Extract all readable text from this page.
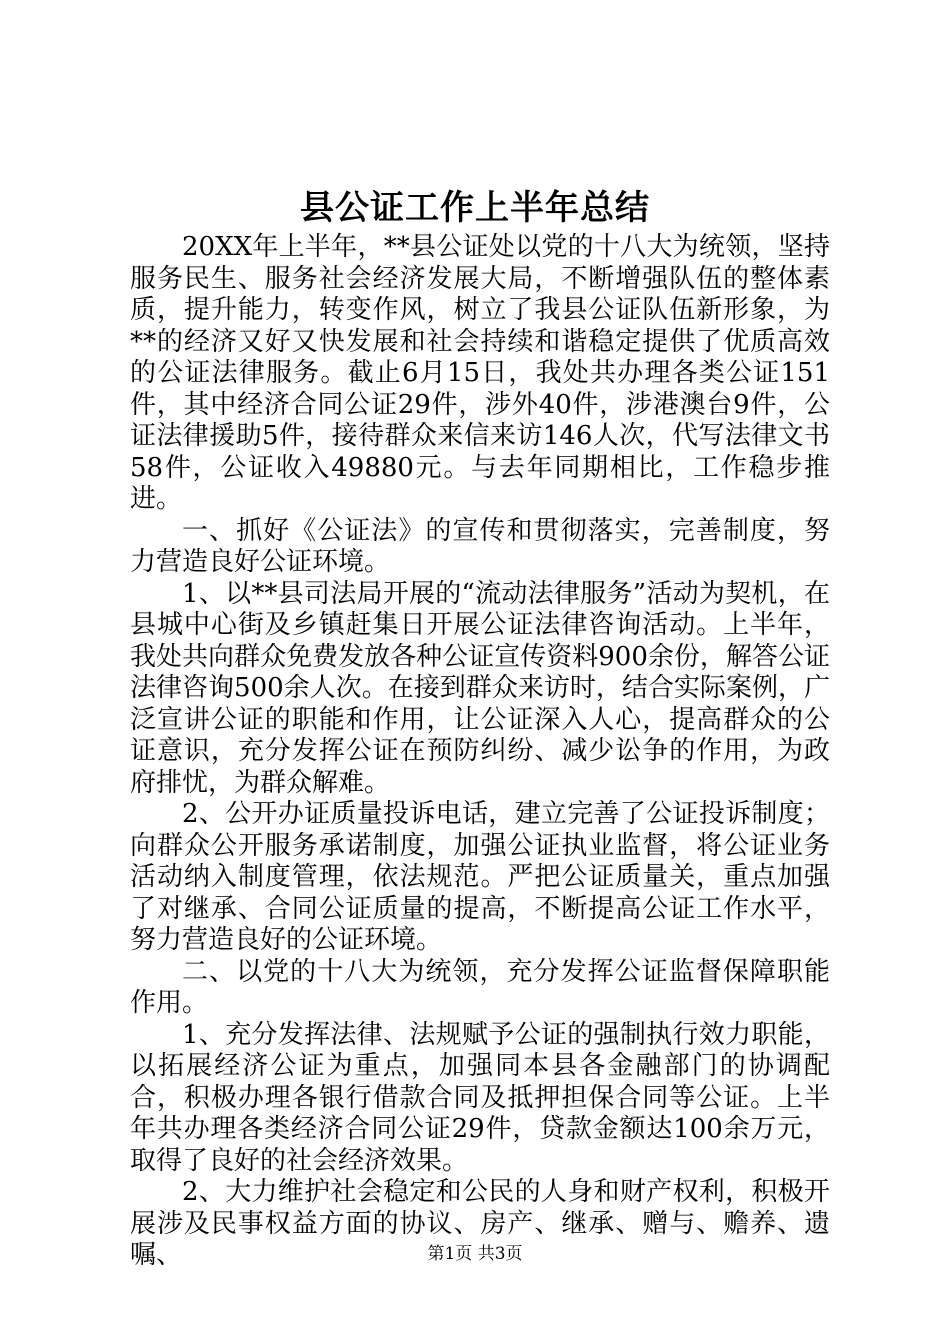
县公证工作上半年总结

20XX年上半年，**县公证处以党的十八大为统领，坚持服务民生、服务社会经济发展大局，不断增强队伍的整体素质，提升能力，转变作风，树立了我县公证队伍新形象，为**的经济又好又快发展和社会持续和谐稳定提供了优质高效的公证法律服务。截止6月15日，我处共办理各类公证151件，其中经济合同公证29件，涉外40件，涉港澳台9件，公证法律援助5件，接待群众来信来访146人次，代写法律文书58件，公证收入49880元。与去年同期相比，工作稳步推进。

一、抓好《公证法》的宣传和贯彻落实，完善制度，努力营造良好公证环境。

1、以**县司法局开展的“流动法律服务”活动为契机，在县城中心街及乡镇赶集日开展公证法律咨询活动。上半年，我处共向群众免费发放各种公证宣传资料900余份，解答公证法律咨询500余人次。在接到群众来访时，结合实际案例，广泛宣讲公证的职能和作用，让公证深入人心，提高群众的公证意识，充分发挥公证在预防纠纷、减少讼争的作用，为政府排忧，为群众解难。

2、公开办证质量投诉电话，建立完善了公证投诉制度；向群众公开服务承诺制度，加强公证执业监督，将公证业务活动纳入制度管理，依法规范。严把公证质量关，重点加强了对继承、合同公证质量的提高，不断提高公证工作水平，努力营造良好的公证环境。

二、以党的十八大为统领，充分发挥公证监督保障职能作用。

1、充分发挥法律、法规赋予公证的强制执行效力职能，以拓展经济公证为重点，加强同本县各金融部门的协调配合，积极办理各银行借款合同及抵押担保合同等公证。上半年共办理各类经济合同公证29件，贷款金额达100余万元，取得了良好的社会经济效果。

2、大力维护社会稳定和公民的人身和财产权利，积极开展涉及民事权益方面的协议、房产、继承、赠与、赡养、遗嘱、	第1页 共3页
